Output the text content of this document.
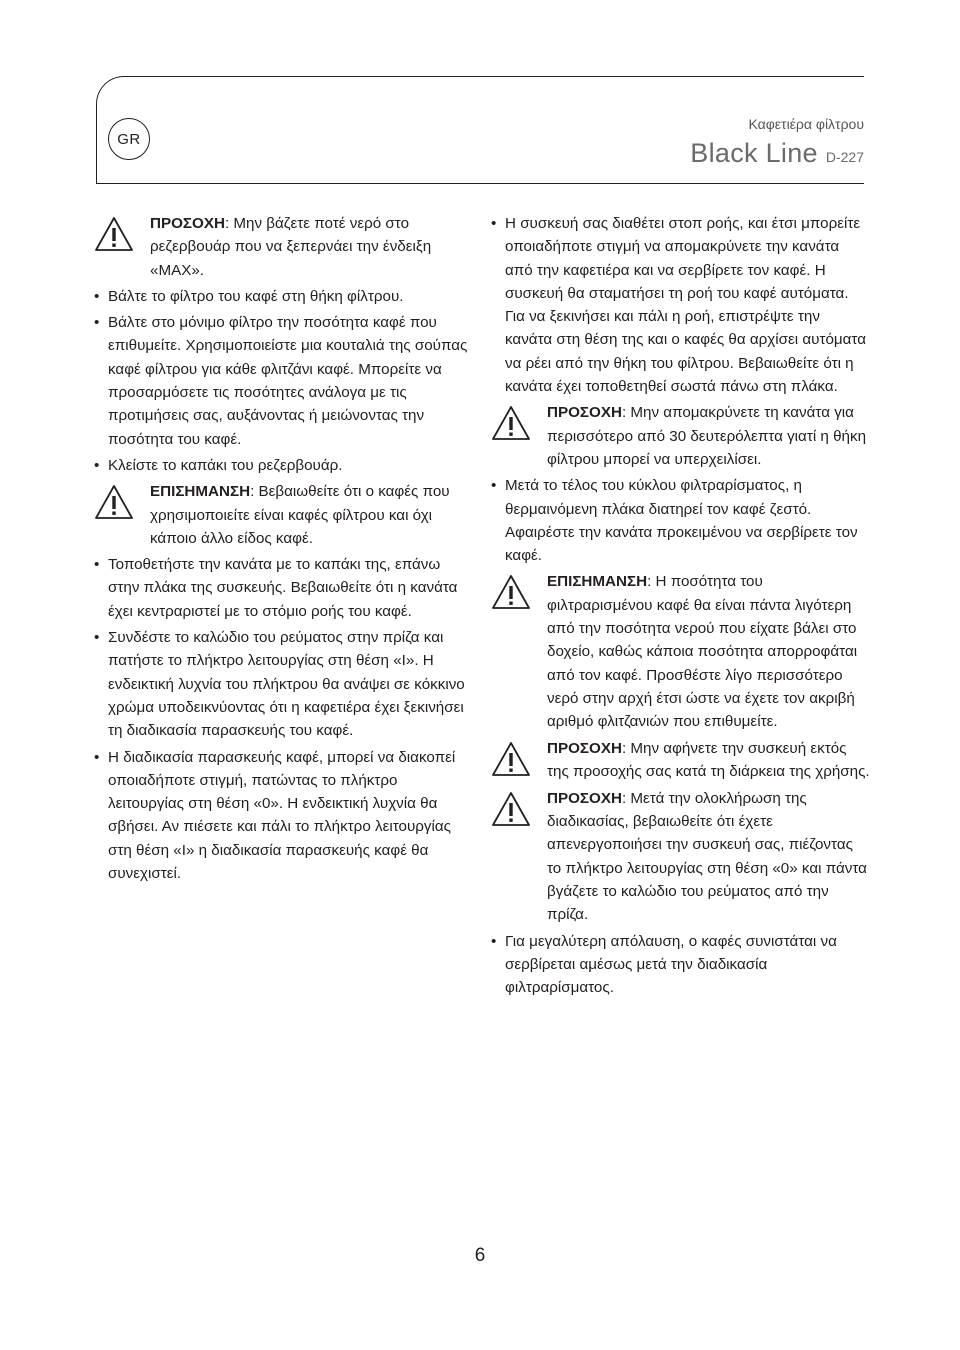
GR
Καφετιέρα φίλτρου
Black Line D-227
ΠΡΟΣΟΧΗ: Μην βάζετε ποτέ νερό στο ρεζερβουάρ που να ξεπερνάει την ένδειξη «MAX».
• Βάλτε το φίλτρο του καφέ στη θήκη φίλτρου.
• Βάλτε στο μόνιμο φίλτρο την ποσότητα καφέ που επιθυμείτε. Χρησιμοποιείστε μια κουταλιά της σούπας καφέ φίλτρου για κάθε φλιτζάνι καφέ. Μπορείτε να προσαρμόσετε τις ποσότητες ανάλογα με τις προτιμήσεις σας, αυξάνοντας ή μειώνοντας την ποσότητα του καφέ.
• Κλείστε το καπάκι του ρεζερβουάρ.
ΕΠΙΣΗΜΑΝΣΗ: Βεβαιωθείτε ότι ο καφές που χρησιμοποιείτε είναι καφές φίλτρου και όχι κάποιο άλλο είδος καφέ.
• Τοποθετήστε την κανάτα με το καπάκι της, επάνω στην πλάκα της συσκευής. Βεβαιωθείτε ότι η κανάτα έχει κεντραριστεί με το στόμιο ροής του καφέ.
• Συνδέστε το καλώδιο του ρεύματος στην πρίζα και πατήστε το πλήκτρο λειτουργίας στη θέση «I». Η ενδεικτική λυχνία του πλήκτρου θα ανάψει σε κόκκινο χρώμα υποδεικνύοντας ότι η καφετιέρα έχει ξεκινήσει τη διαδικασία παρασκευής του καφέ.
• Η διαδικασία παρασκευής καφέ, μπορεί να διακοπεί οποιαδήποτε στιγμή, πατώντας το πλήκτρο λειτουργίας στη θέση «0». Η ενδεικτική λυχνία θα σβήσει. Αν πιέσετε και πάλι το πλήκτρο λειτουργίας στη θέση «I» η διαδικασία παρασκευής καφέ θα συνεχιστεί.
• Η συσκευή σας διαθέτει στοπ ροής, και έτσι μπορείτε οποιαδήποτε στιγμή να απομακρύνετε την κανάτα από την καφετιέρα και να σερβίρετε τον καφέ. Η συσκευή θα σταματήσει τη ροή του καφέ αυτόματα. Για να ξεκινήσει και πάλι η ροή, επιστρέψτε την κανάτα στη θέση της και ο καφές θα αρχίσει αυτόματα να ρέει από την θήκη του φίλτρου. Βεβαιωθείτε ότι η κανάτα έχει τοποθετηθεί σωστά πάνω στη πλάκα.
ΠΡΟΣΟΧΗ: Μην απομακρύνετε τη κανάτα για περισσότερο από 30 δευτερόλεπτα γιατί η θήκη φίλτρου μπορεί να υπερχειλίσει.
• Μετά το τέλος του κύκλου φιλτραρίσματος, η θερμαινόμενη πλάκα διατηρεί τον καφέ ζεστό. Αφαιρέστε την κανάτα προκειμένου να σερβίρετε τον καφέ.
ΕΠΙΣΗΜΑΝΣΗ: Η ποσότητα του φιλτραρισμένου καφέ θα είναι πάντα λιγότερη από την ποσότητα νερού που είχατε βάλει στο δοχείο, καθώς κάποια ποσότητα απορροφάται από τον καφέ. Προσθέστε λίγο περισσότερο νερό στην αρχή έτσι ώστε να έχετε τον ακριβή αριθμό φλιτζανιών που επιθυμείτε.
ΠΡΟΣΟΧΗ: Μην αφήνετε την συσκευή εκτός της προσοχής σας κατά τη διάρκεια της χρήσης.
ΠΡΟΣΟΧΗ: Μετά την ολοκλήρωση της διαδικασίας, βεβαιωθείτε ότι έχετε απενεργοποιήσει την συσκευή σας, πιέζοντας το πλήκτρο λειτουργίας στη θέση «0» και πάντα βγάζετε το καλώδιο του ρεύματος από την πρίζα.
• Για μεγαλύτερη απόλαυση, ο καφές συνιστάται να σερβίρεται αμέσως μετά την διαδικασία φιλτραρίσματος.
6
